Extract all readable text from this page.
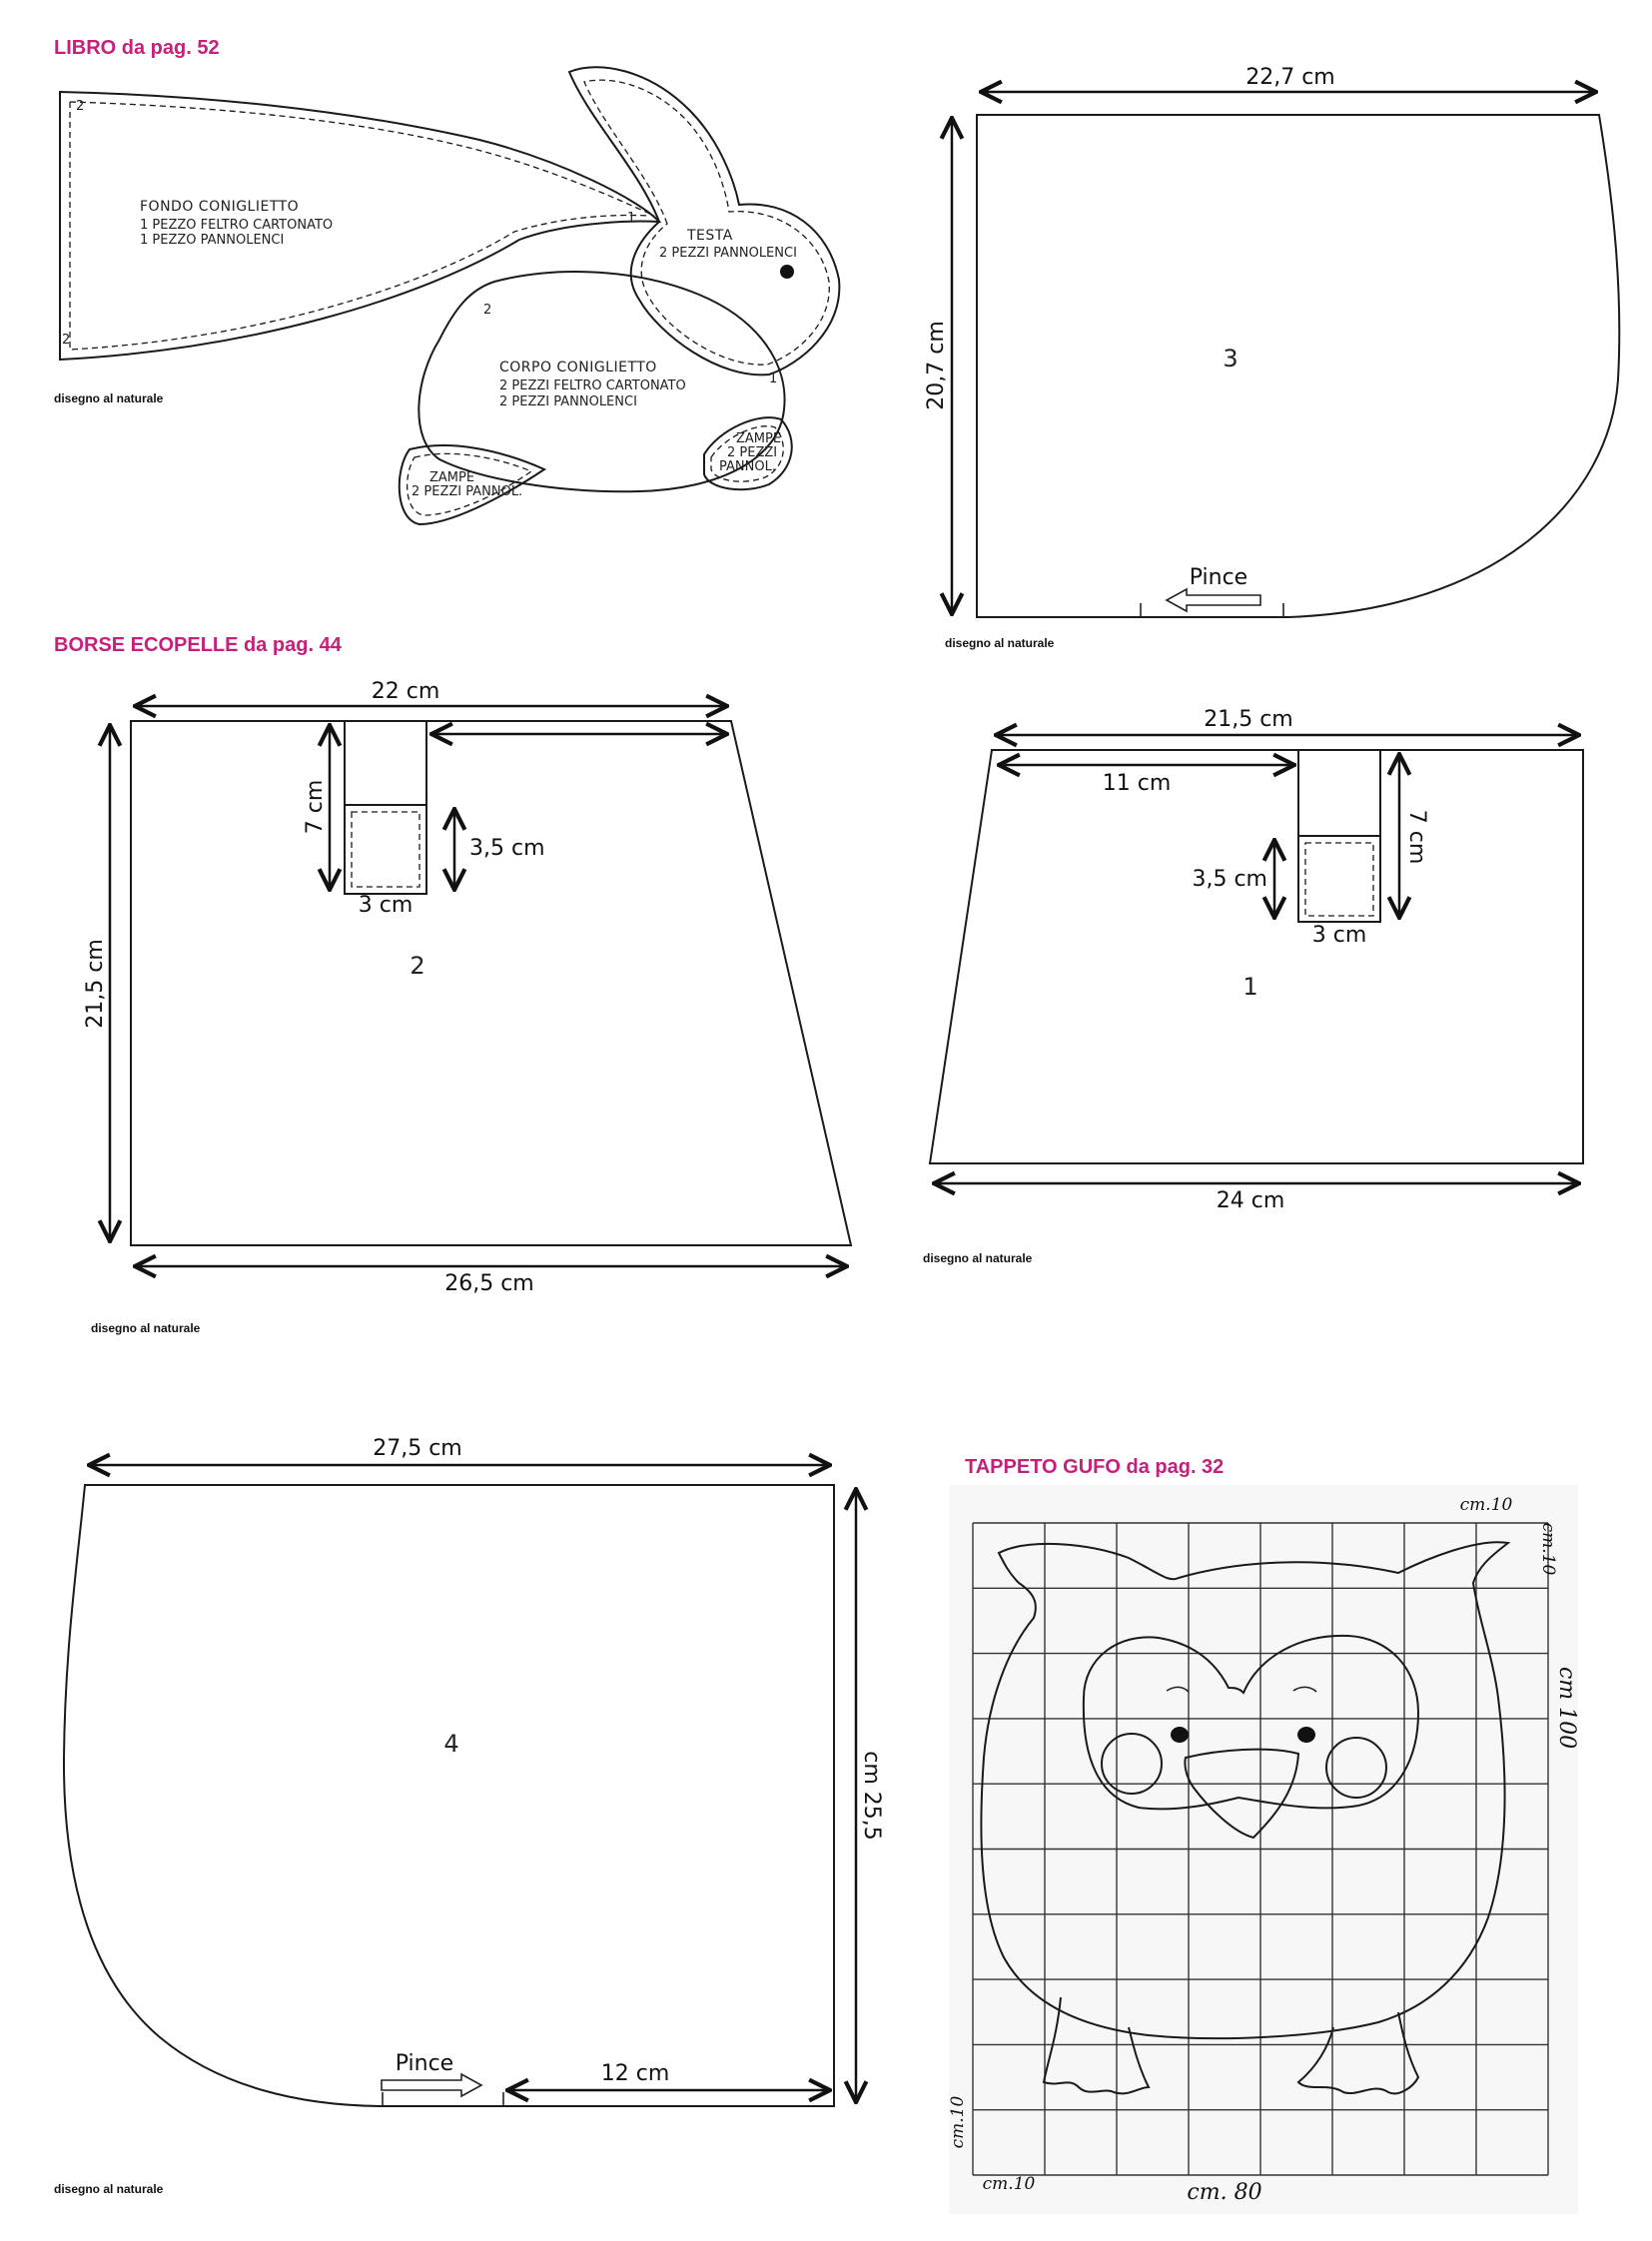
LIBRO da pag. 52
FONDO CONIGLIETTO
1 PEZZO FELTRO CARTONATO
1 PEZZO PANNOLENCI	TESTA
2 PEZZI PANNOLENCI
CORPO CONIGLIETTO
2 PEZZI FELTRO CARTONATO
2 PEZZI PANNOLENCI
ZAMPE
2 PEZZI PANNOL.
ZAMPE
2 PEZZI
PANNOL.
2
2
2
1
1
disegno al naturale
22,7 cm
20,7 cm	3
Pince
disegno al naturale
BORSE ECOPELLE da pag. 44
22 cm
21,5 cm
26,5 cm
7 cm
3,5 cm
3 cm
2
disegno al naturale
21,5 cm
11 cm
7 cm
3,5 cm
3 cm
1
24 cm
disegno al naturale
27,5 cm
cm 25,5
4
Pince	12 cm
disegno al naturale
TAPPETO GUFO da pag. 32
cm.10
cm.10
cm 100
cm.10
cm.10	cm. 80
